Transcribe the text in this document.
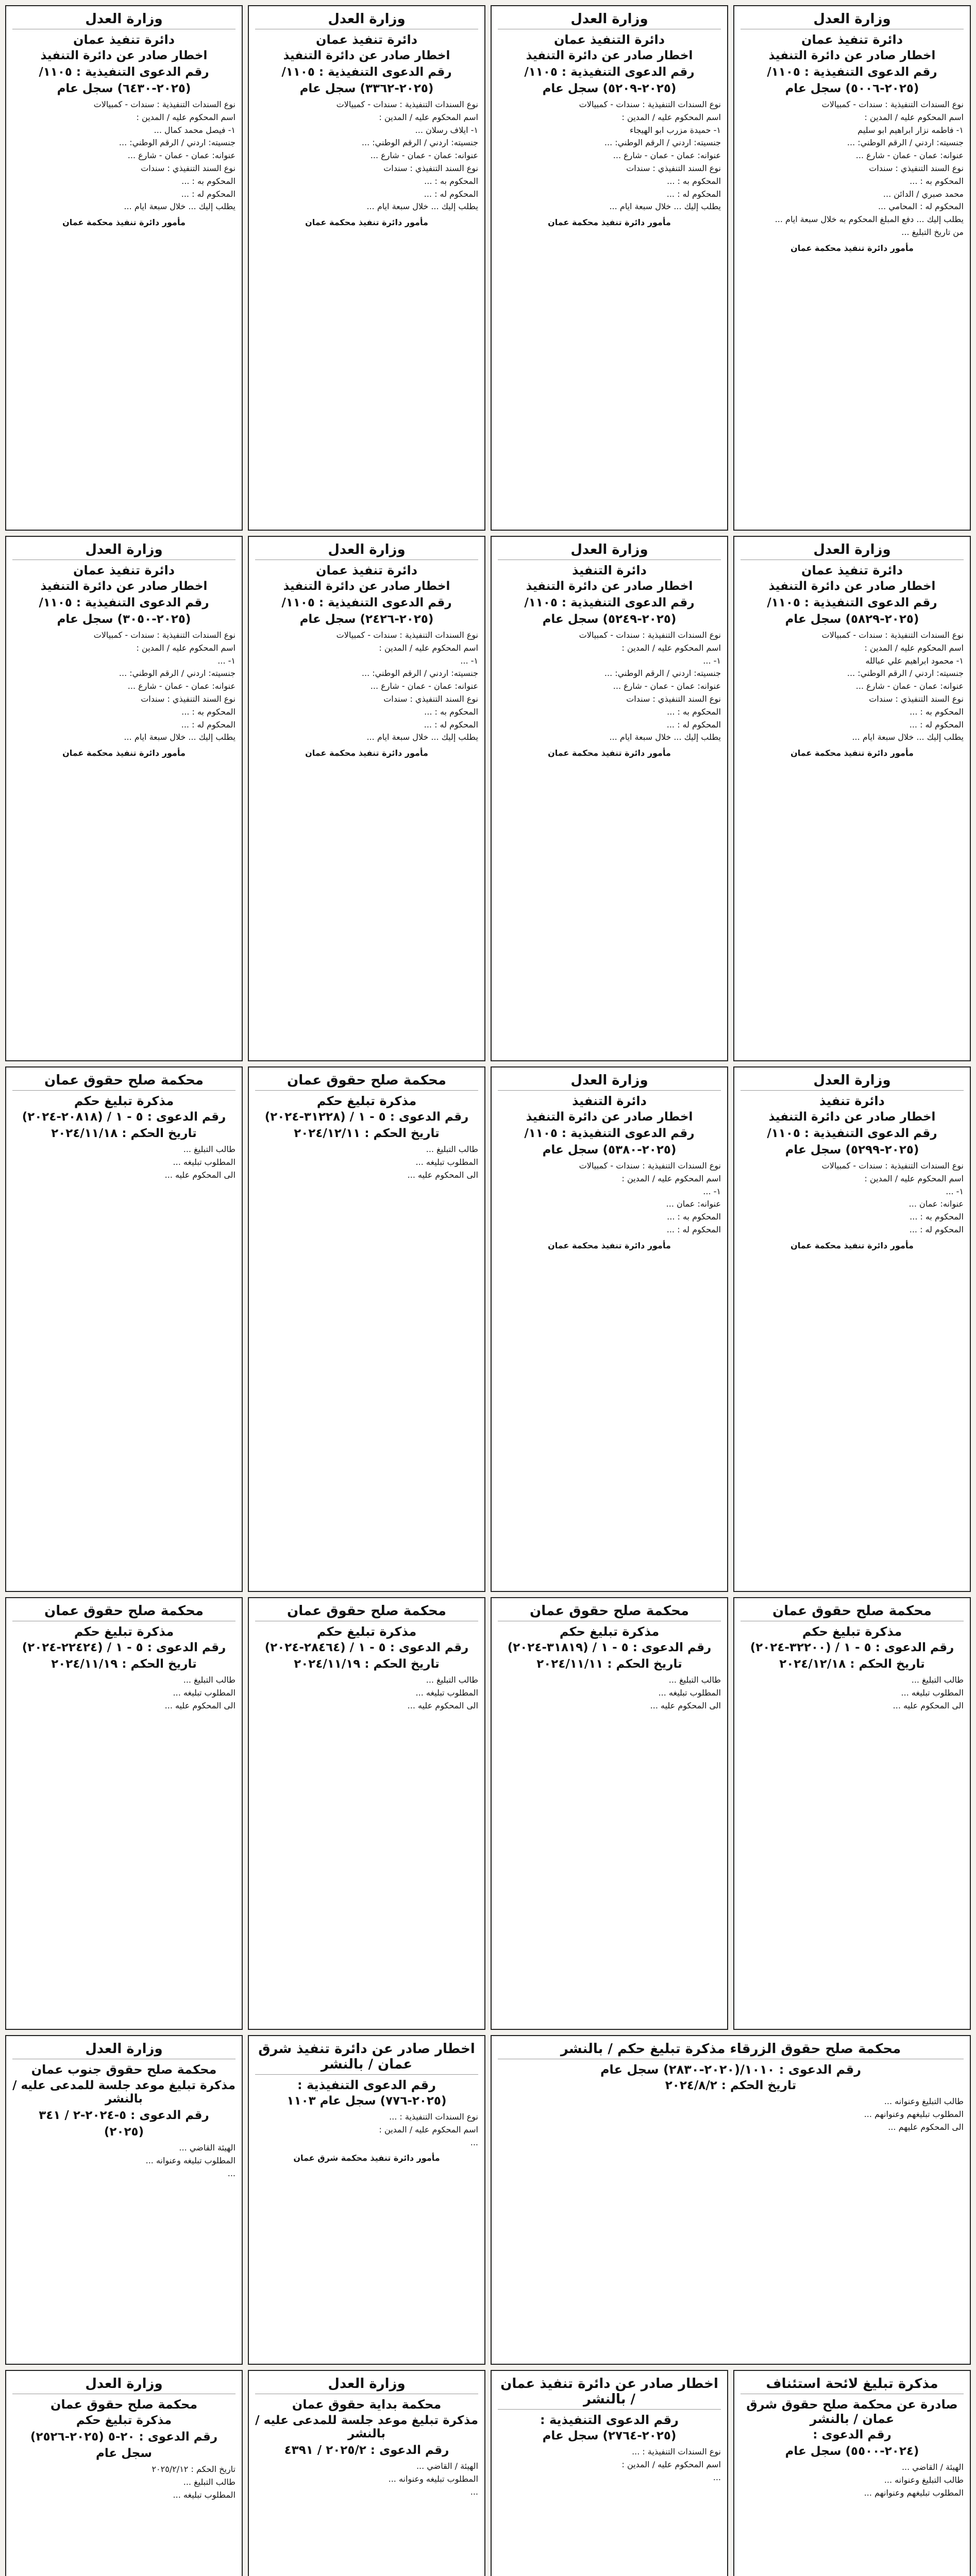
وزارة العدل
دائرة تنفيذ عمان
اخطار صادر عن دائرة التنفيذ
رقم الدعوى التنفيذية : ١١٠٥/
(٢٠٢٥-٥٠٠٦) سجل عام
نوع السندات التنفيذية : سندات - كمبيالات
اسم المحكوم عليه / المدين :
١- فاطمه نزار ابراهيم ابو سليم
جنسيته: اردني / الرقم الوطني: ...
عنوانه: عمان - عمان - شارع ...
نوع السند التنفيذي : سندات
المحكوم به : ...
محمد صبري / الدائن ...
المحكوم له : المحامي ...
يطلب إليك ... دفع المبلغ المحكوم به خلال سبعة ايام ...
من تاريخ التبليغ ...
مأمور دائرة تنفيذ محكمة عمان
وزارة العدل
دائرة التنفيذ عمان
اخطار صادر عن دائرة التنفيذ
رقم الدعوى التنفيذية : ١١٠٥/
(٢٠٢٥-٥٢٠٩) سجل عام
نوع السندات التنفيذية : سندات - كمبيالات
اسم المحكوم عليه / المدين :
١- حميدة مزرب ابو الهيجاء
جنسيته: اردني / الرقم الوطني: ...
عنوانه: عمان - عمان - شارع ...
نوع السند التنفيذي : سندات
المحكوم به : ...
المحكوم له : ...
يطلب إليك ... خلال سبعة ايام ...
مأمور دائرة تنفيذ محكمة عمان
وزارة العدل
دائرة تنفيذ عمان
اخطار صادر عن دائرة التنفيذ
رقم الدعوى التنفيذية : ١١٠٥/
(٢٠٢٥-٣٣٦٢) سجل عام
نوع السندات التنفيذية : سندات - كمبيالات
اسم المحكوم عليه / المدين :
١- ايلاف رسلان ...
جنسيته: اردني / الرقم الوطني: ...
عنوانه: عمان - عمان - شارع ...
نوع السند التنفيذي : سندات
المحكوم به : ...
المحكوم له : ...
يطلب إليك ... خلال سبعة ايام ...
مأمور دائرة تنفيذ محكمة عمان
وزارة العدل
دائرة تنفيذ عمان
اخطار صادر عن دائرة التنفيذ
رقم الدعوى التنفيذية : ١١٠٥/
(٢٠٢٥-٦٤٣٠) سجل عام
نوع السندات التنفيذية : سندات - كمبيالات
اسم المحكوم عليه / المدين :
١- فيصل محمد كمال ...
جنسيته: اردني / الرقم الوطني: ...
عنوانه: عمان - عمان - شارع ...
نوع السند التنفيذي : سندات
المحكوم به : ...
المحكوم له : ...
يطلب إليك ... خلال سبعة ايام ...
مأمور دائرة تنفيذ محكمة عمان
وزارة العدل
دائرة تنفيذ عمان
اخطار صادر عن دائرة التنفيذ
رقم الدعوى التنفيذية : ١١٠٥/
(٢٠٢٥-٥٨٢٩) سجل عام
نوع السندات التنفيذية : سندات - كمبيالات
اسم المحكوم عليه / المدين :
١- محمود ابراهيم علي عبالله
جنسيته: اردني / الرقم الوطني: ...
عنوانه: عمان - عمان - شارع ...
نوع السند التنفيذي : سندات
المحكوم به : ...
المحكوم له : ...
يطلب إليك ... خلال سبعة ايام ...
مأمور دائرة تنفيذ محكمة عمان
وزارة العدل
دائرة التنفيذ
اخطار صادر عن دائرة التنفيذ
رقم الدعوى التنفيذية : ١١٠٥/
(٢٠٢٥-٥٢٤٩) سجل عام
نوع السندات التنفيذية : سندات - كمبيالات
اسم المحكوم عليه / المدين :
١- ...
جنسيته: اردني / الرقم الوطني: ...
عنوانه: عمان - عمان - شارع ...
نوع السند التنفيذي : سندات
المحكوم به : ...
المحكوم له : ...
يطلب إليك ... خلال سبعة ايام ...
مأمور دائرة تنفيذ محكمة عمان
وزارة العدل
دائرة تنفيذ عمان
اخطار صادر عن دائرة التنفيذ
رقم الدعوى التنفيذية : ١١٠٥/
(٢٠٢٥-٢٤٢٦) سجل عام
نوع السندات التنفيذية : سندات - كمبيالات
اسم المحكوم عليه / المدين :
١- ...
جنسيته: اردني / الرقم الوطني: ...
عنوانه: عمان - عمان - شارع ...
نوع السند التنفيذي : سندات
المحكوم به : ...
المحكوم له : ...
يطلب إليك ... خلال سبعة ايام ...
مأمور دائرة تنفيذ محكمة عمان
وزارة العدل
دائرة تنفيذ عمان
اخطار صادر عن دائرة التنفيذ
رقم الدعوى التنفيذية : ١١٠٥/
(٢٠٢٥-٣٠٥٠) سجل عام
نوع السندات التنفيذية : سندات - كمبيالات
اسم المحكوم عليه / المدين :
١- ...
جنسيته: اردني / الرقم الوطني: ...
عنوانه: عمان - عمان - شارع ...
نوع السند التنفيذي : سندات
المحكوم به : ...
المحكوم له : ...
يطلب إليك ... خلال سبعة ايام ...
مأمور دائرة تنفيذ محكمة عمان
وزارة العدل
دائرة تنفيذ
اخطار صادر عن دائرة التنفيذ
رقم الدعوى التنفيذية : ١١٠٥/
(٢٠٢٥-٥٢٩٩) سجل عام
نوع السندات التنفيذية : سندات - كمبيالات
اسم المحكوم عليه / المدين :
١- ...
عنوانه: عمان ...
المحكوم به : ...
المحكوم له : ...
مأمور دائرة تنفيذ محكمة عمان
وزارة العدل
دائرة التنفيذ
اخطار صادر عن دائرة التنفيذ
رقم الدعوى التنفيذية : ١١٠٥/
(٢٠٢٥-٥٣٨٠) سجل عام
نوع السندات التنفيذية : سندات - كمبيالات
اسم المحكوم عليه / المدين :
١- ...
عنوانه: عمان ...
المحكوم به : ...
المحكوم له : ...
مأمور دائرة تنفيذ محكمة عمان
محكمة صلح حقوق عمان
مذكرة تبليغ حكم
رقم الدعوى : ٥ - ١ / (٣١٢٢٨-٢٠٢٤)
تاريخ الحكم : ٢٠٢٤/١٢/١١
طالب التبليغ ...
المطلوب تبليغه ...
الى المحكوم عليه ...
محكمة صلح حقوق عمان
مذكرة تبليغ حكم
رقم الدعوى : ٥ - ١ / (٢٠٨١٨-٢٠٢٤)
تاريخ الحكم : ٢٠٢٤/١١/١٨
طالب التبليغ ...
المطلوب تبليغه ...
الى المحكوم عليه ...
محكمة صلح حقوق عمان
مذكرة تبليغ حكم
رقم الدعوى : ٥ - ١ / (٣٢٢٠٠-٢٠٢٤)
تاريخ الحكم : ٢٠٢٤/١٢/١٨
طالب التبليغ ...
المطلوب تبليغه ...
الى المحكوم عليه ...
محكمة صلح حقوق عمان
مذكرة تبليغ حكم
رقم الدعوى : ٥ - ١ / (٣١٨١٩-٢٠٢٤)
تاريخ الحكم : ٢٠٢٤/١١/١١
طالب التبليغ ...
المطلوب تبليغه ...
الى المحكوم عليه ...
محكمة صلح حقوق عمان
مذكرة تبليغ حكم
رقم الدعوى : ٥ - ١ / (٢٨٤٦٤-٢٠٢٤)
تاريخ الحكم : ٢٠٢٤/١١/١٩
طالب التبليغ ...
المطلوب تبليغه ...
الى المحكوم عليه ...
محكمة صلح حقوق عمان
مذكرة تبليغ حكم
رقم الدعوى : ٥ - ١ / (٢٢٤٢٤-٢٠٢٤)
تاريخ الحكم : ٢٠٢٤/١١/١٩
طالب التبليغ ...
المطلوب تبليغه ...
الى المحكوم عليه ...
محكمة صلح حقوق الزرقاء مذكرة تبليغ حكم / بالنشر
رقم الدعوى : ١٠١٠/(٢٠٢٠-٢٨٣٠) سجل عام
تاريخ الحكم : ٢٠٢٤/٨/٢
طالب التبليغ وعنوانه ...
المطلوب تبليغهم وعنوانهم ...
الى المحكوم عليهم ...
اخطار صادر عن دائرة تنفيذ شرق عمان / بالنشر
رقم الدعوى التنفيذية :
(٢٠٢٥-٧٧٦) سجل عام ١١٠٣
نوع السندات التنفيذية : ...
اسم المحكوم عليه / المدين :
...
مأمور دائرة تنفيذ محكمة شرق عمان
وزارة العدل
محكمة صلح حقوق جنوب عمان
مذكرة تبليغ موعد جلسة للمدعى عليه / بالنشر
رقم الدعوى : ٥-٢٠٢٤-٢ / ٣٤١
(٢٠٢٥)
الهيئة القاضي ...
المطلوب تبليغه وعنوانه ...
...
مذكرة تبليغ لائحة استئناف
صادرة عن محكمة صلح حقوق شرق عمان / بالنشر
رقم الدعوى :
(٢٠٢٤-٥٥٠٠) سجل عام
الهيئة / القاضي ...
طالب التبليغ وعنوانه ...
المطلوب تبليغهم وعنوانهم ...
اخطار صادر عن دائرة تنفيذ عمان / بالنشر
رقم الدعوى التنفيذية :
(٢٠٢٥-٢٧٦٤) سجل عام
نوع السندات التنفيذية : ...
اسم المحكوم عليه / المدين :
...
وزارة العدل
محكمة بداية حقوق عمان
مذكرة تبليغ موعد جلسة للمدعى عليه / بالنشر
رقم الدعوى : ٢٠٢٥/٢ / ٤٣٩١
الهيئة / القاضي ...
المطلوب تبليغه وعنوانه ...
...
وزارة العدل
محكمة صلح حقوق عمان
مذكرة تبليغ حكم
رقم الدعوى : ٢٠-٥ (٢٠٢٥-٢٥٢٦)
سجل عام
تاريخ الحكم : ٢٠٢٥/٢/١٢
طالب التبليغ ...
المطلوب تبليغه ...
